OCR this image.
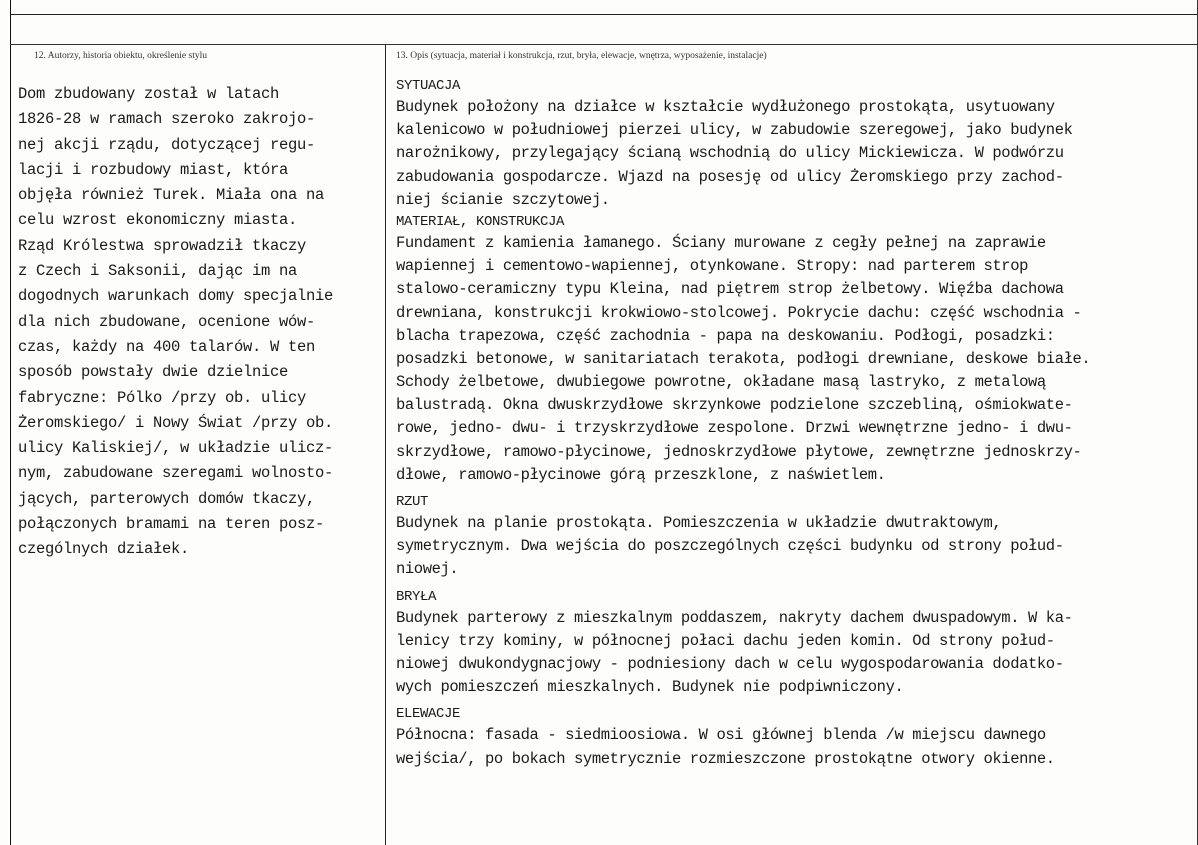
12. Autorzy, historia obiektu, określenie stylu	13. Opis (sytuacja, materiał i konstrukcja, rzut, bryła, elewacje, wnętrza, wyposażenie, instalacje)
Dom zbudowany został w latach
1826-28 w ramach szeroko zakrojo-
nej akcji rządu, dotyczącej regu-
lacji i rozbudowy miast, która
objęła również Turek. Miała ona na
celu wzrost ekonomiczny miasta.
Rząd Królestwa sprowadził tkaczy
z Czech i Saksonii, dając im na
dogodnych warunkach domy specjalnie
dla nich zbudowane, ocenione wów-
czas, każdy na 400 talarów. W ten
sposób powstały dwie dzielnice
fabryczne: Pólko /przy ob. ulicy
Żeromskiego/ i Nowy Świat /przy ob.
ulicy Kaliskiej/, w układzie ulicz-
nym, zabudowane szeregami wolnosto-
jących, parterowych domów tkaczy,
połączonych bramami na teren posz-
czególnych działek.
SYTUACJA
Budynek położony na działce w kształcie wydłużonego prostokąta, usytuowany
kalenicowo w południowej pierzei ulicy, w zabudowie szeregowej, jako budynek
narożnikowy, przylegający ścianą wschodnią do ulicy Mickiewicza. W podwórzu
zabudowania gospodarcze. Wjazd na posesję od ulicy Żeromskiego przy zachod-
niej ścianie szczytowej.
MATERIAŁ, KONSTRUKCJA
Fundament z kamienia łamanego. Ściany murowane z cegły pełnej na zaprawie
wapiennej i cementowo-wapiennej, otynkowane. Stropy: nad parterem strop
stalowo-ceramiczny typu Kleina, nad piętrem strop żelbetowy. Więźba dachowa
drewniana, konstrukcji krokwiowo-stolcowej. Pokrycie dachu: część wschodnia -
blacha trapezowa, część zachodnia - papa na deskowaniu. Podłogi, posadzki:
posadzki betonowe, w sanitariatach terakota, podłogi drewniane, deskowe białe.
Schody żelbetowe, dwubiegowe powrotne, okładane masą lastryko, z metalową
balustradą. Okna dwuskrzydłowe skrzynkowe podzielone szczebliną, ośmiokwate-
rowe, jedno- dwu- i trzyskrzydłowe zespolone. Drzwi wewnętrzne jedno- i dwu-
skrzydłowe, ramowo-płycinowe, jednoskrzydłowe płytowe, zewnętrzne jednoskrzy-
dłowe, ramowo-płycinowe górą przeszklone, z naświetlem.
RZUT
Budynek na planie prostokąta. Pomieszczenia w układzie dwutraktowym,
symetrycznym. Dwa wejścia do poszczególnych części budynku od strony połud-
niowej.
BRYŁA
Budynek parterowy z mieszkalnym poddaszem, nakryty dachem dwuspadowym. W ka-
lenicy trzy kominy, w północnej połaci dachu jeden komin. Od strony połud-
niowej dwukondygnacjowy - podniesiony dach w celu wygospodarowania dodatko-
wych pomieszczeń mieszkalnych. Budynek nie podpiwniczony.
ELEWACJE
Północna: fasada - siedmioosiowa. W osi głównej blenda /w miejscu dawnego
wejścia/, po bokach symetrycznie rozmieszczone prostokątne otwory okienne.
